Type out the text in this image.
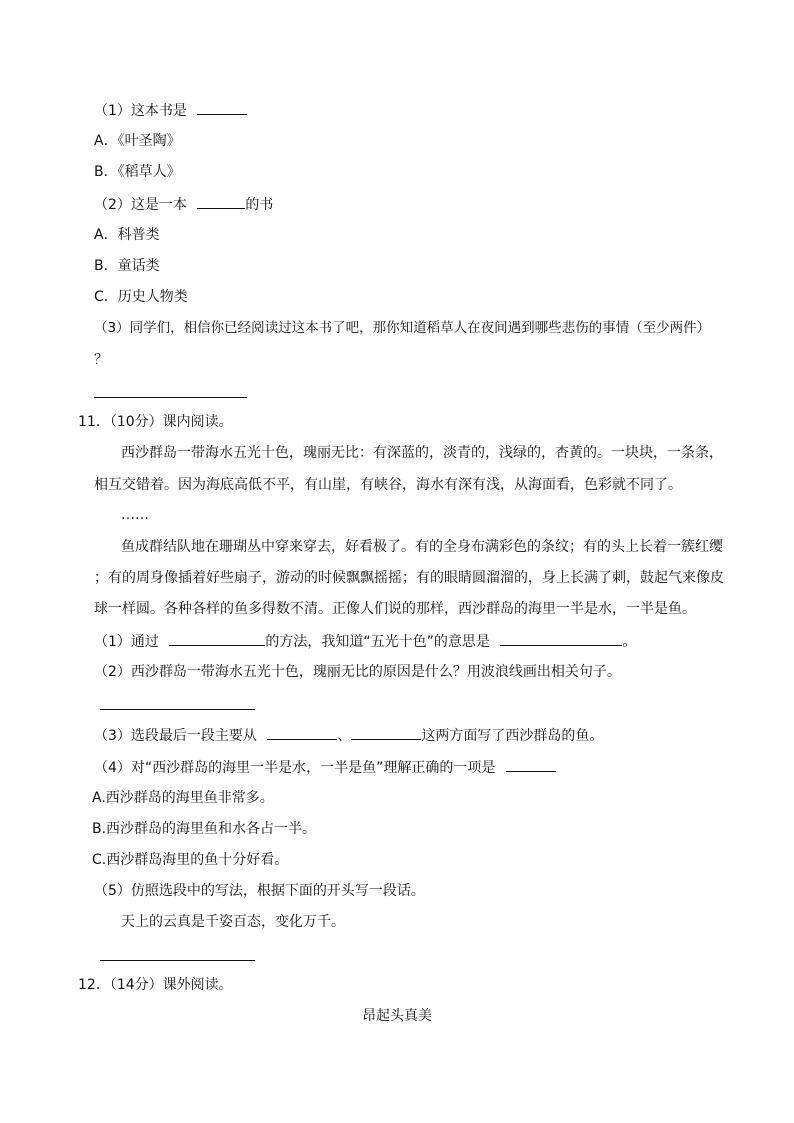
（1）这本书是
A．《叶圣陶》
B．《稻草人》
（2）这是一本	的书
A．科普类
B．童话类
C．历史人物类
（3）同学们，相信你已经阅读过这本书了吧，那你知道稻草人在夜间遇到哪些悲伤的事情（至少两件）
？
11．（10分）课内阅读。
西沙群岛一带海水五光十色，瑰丽无比：有深蓝的，淡青的，浅绿的，杏黄的。一块块，一条条，
相互交错着。因为海底高低不平，有山崖，有峡谷，海水有深有浅，从海面看，色彩就不同了。
……
鱼成群结队地在珊瑚丛中穿来穿去，好看极了。有的全身布满彩色的条纹；有的头上长着一簇红缨
；有的周身像插着好些扇子，游动的时候飘飘摇摇；有的眼睛圆溜溜的，身上长满了刺，鼓起气来像皮
球一样圆。各种各样的鱼多得数不清。正像人们说的那样，西沙群岛的海里一半是水，一半是鱼。
（1）通过	的方法，我知道“五光十色”的意思是	。
（2）西沙群岛一带海水五光十色，瑰丽无比的原因是什么？用波浪线画出相关句子。
（3）选段最后一段主要从	、	这两方面写了西沙群岛的鱼。
（4）对“西沙群岛的海里一半是水，一半是鱼”理解正确的一项是
A.西沙群岛的海里鱼非常多。
B.西沙群岛的海里鱼和水各占一半。
C.西沙群岛海里的鱼十分好看。
（5）仿照选段中的写法，根据下面的开头写一段话。
天上的云真是千姿百态，变化万千。
12．（14分）课外阅读。
昂起头真美
